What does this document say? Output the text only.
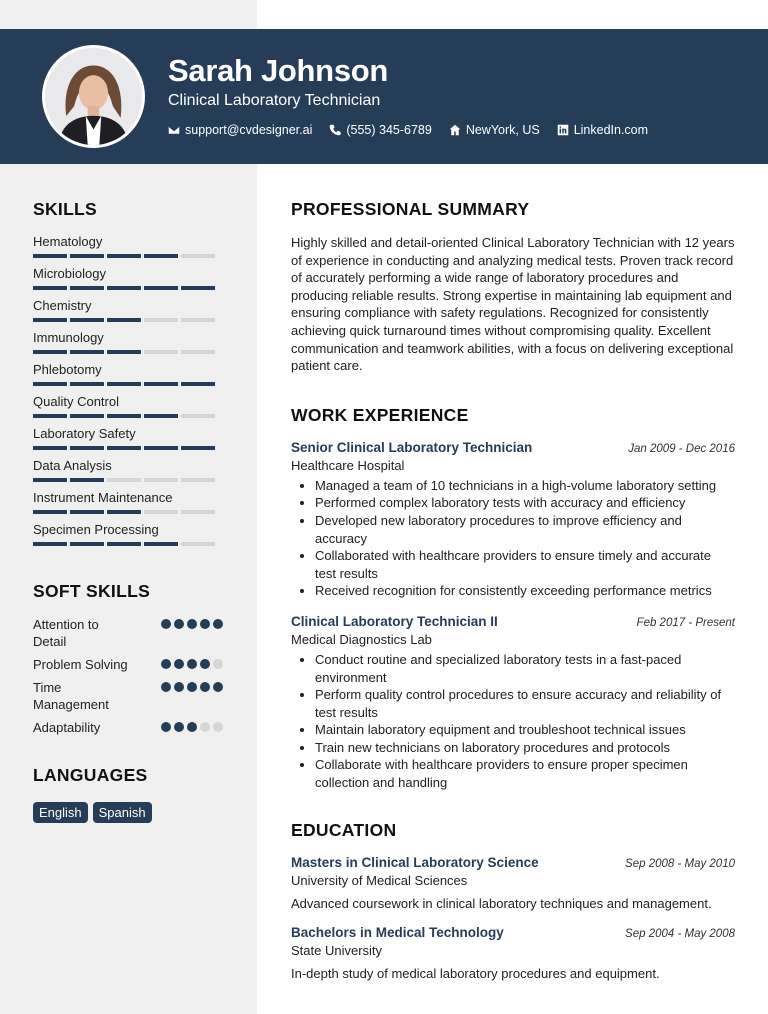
Sarah Johnson
Clinical Laboratory Technician
support@cvdesigner.ai	(555) 345-6789	NewYork, US	LinkedIn.com
SKILLS
Hematology
Microbiology
Chemistry
Immunology
Phlebotomy
Quality Control
Laboratory Safety
Data Analysis
Instrument Maintenance
Specimen Processing
SOFT SKILLS
Attention to Detail
Problem Solving
Time Management
Adaptability
LANGUAGES
English	Spanish
PROFESSIONAL SUMMARY

Highly skilled and detail-oriented Clinical Laboratory Technician with 12 years of experience in conducting and analyzing medical tests. Proven track record of accurately performing a wide range of laboratory procedures and producing reliable results. Strong expertise in maintaining lab equipment and ensuring compliance with safety regulations. Recognized for consistently achieving quick turnaround times without compromising quality. Excellent communication and teamwork abilities, with a focus on delivering exceptional patient care.

WORK EXPERIENCE
Senior Clinical Laboratory Technician	Jan 2009 - Dec 2016
Healthcare Hospital
• Managed a team of 10 technicians in a high-volume laboratory setting
• Performed complex laboratory tests with accuracy and efficiency
• Developed new laboratory procedures to improve efficiency and accuracy
• Collaborated with healthcare providers to ensure timely and accurate test results
• Received recognition for consistently exceeding performance metrics
Clinical Laboratory Technician II	Feb 2017 - Present
Medical Diagnostics Lab
• Conduct routine and specialized laboratory tests in a fast-paced environment
• Perform quality control procedures to ensure accuracy and reliability of test results
• Maintain laboratory equipment and troubleshoot technical issues
• Train new technicians on laboratory procedures and protocols
• Collaborate with healthcare providers to ensure proper specimen collection and handling
EDUCATION
Masters in Clinical Laboratory Science	Sep 2008 - May 2010
University of Medical Sciences
Advanced coursework in clinical laboratory techniques and management.
Bachelors in Medical Technology	Sep 2004 - May 2008
State University
In-depth study of medical laboratory procedures and equipment.
